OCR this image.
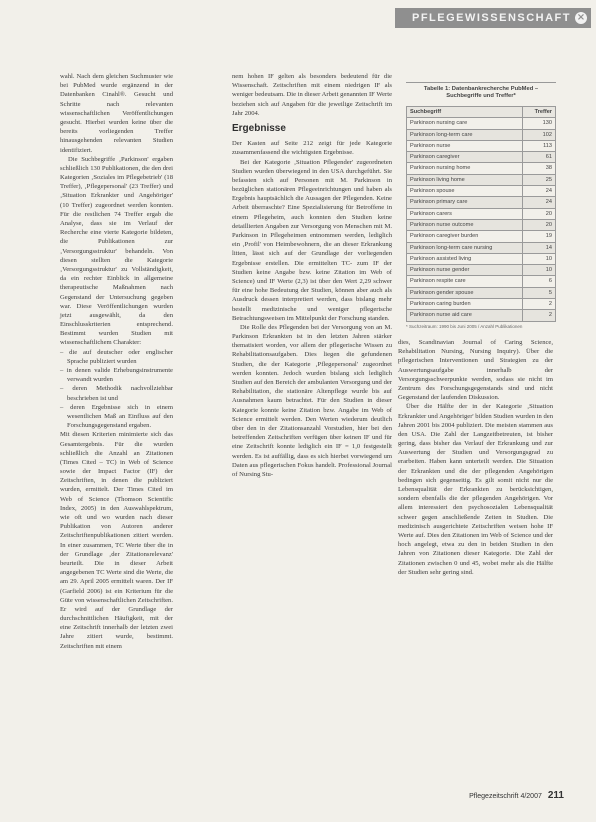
PFLEGEWISSENSCHAFT ×

wahl. Nach dem gleichen Suchmuster wie bei PubMed wurde ergänzend in der Datenbanken Cinahl®. Gesucht und Schritte nach relevanten wissenschaftlichen Veröffentlichungen gesucht. Hierbei wurden keine über die bereits vorliegenden Treffer hinausgehenden relevanten Studien identifiziert.

Die Suchbegriffe ‚Parkinson' ergaben schließlich 130 Publikationen, die den drei Kategorien ‚Soziales im Pflegebetrieb' (18 Treffer), ‚Pflegepersonal' (23 Treffer) und ‚Situation Erkrankter und Angehöriger' (10 Treffer) zugeordnet werden konnten. Für die restlichen 74 Treffer ergab die Analyse, dass sie im Verlauf der Recherche eine vierte Kategorie bildeten, die Publikationen zur ‚Versorgungsstruktur' behandeln. Von diesen stellten die Kategorie ‚Versorgungsstruktur' zu Vollständigkeit, da ein rechter Einblick in allgemeine therapeutische Maßnahmen nach Gegenstand der Untersuchung gegeben war. Diese Veröffentlichungen wurden jetzt ausgewählt, da den Einschlusskriterien entsprechend. Bestimmt wurden Studien mit wissenschaftlichem Charakter:

– die auf deutscher oder englischer Sprache publiziert wurden
– in denen valide Erhebungsinstrumente verwandt wurden
– deren Methodik nachvollziehbar beschrieben ist und
– deren Ergebnisse sich in einem wesentlichen Maß an Einfluss auf den Forschungsgegenstand ergaben.

Mit diesen Kriterien minimierte sich das Gesamtergebnis. Für die wurden schließlich die Anzahl an Zitationen (Times Cited – TC) in Web of Science sowie der Impact Factor (IF) der Zeitschriften, in denen die publiziert wurden, ermittelt. Der Times Cited im Web of Science (Thomson Scientific Index, 2005) in den Auswahlspektrum, wie oft und wo wurden nach dieser Publikation von Autoren anderer Zeitschriftenpublikationen zitiert werden. In einer zusammen, TC Werte über die in der Grundlage ‚der Zitationsrelevanz' beurteilt. Die in dieser Arbeit angegebenen TC Werte sind die Werte, die am 29. April 2005 ermittelt waren. Der IF (Garfield 2006) ist ein Kriterium für die Güte von wissenschaftlichen Zeitschriften. Er wird auf der Grundlage der durchschnittlichen Häufigkeit, mit der eine Zeitschrift innerhalb der letzten zwei Jahre zitiert wurde, bestimmt. Zeitschriften mit einem

nem hohen IF gelten als besonders bedeutend für die Wissenschaft. Zeitschriften mit einem niedrigen IF als weniger bedeutsam. Die in dieser Arbeit genannten IF Werte beziehen sich auf Angaben für die jeweilige Zeitschrift im Jahr 2004.

Ergebnisse

Der Kasten auf Seite 212 zeigt für jede Kategorie zusammenfassend die wichtigsten Ergebnisse.

Bei der Kategorie ‚Situation Pflegender' zugeordneten Studien wurden überwiegend in den USA durchgeführt. Sie befassten sich auf Personen mit M. Parkinson in bezüglichen stationären Pflegeeinrichtungen und haben als Ergebnis hauptsächlich die Aussagen der Pflegenden. Keine Arbeit überraschte? Eine Spezialisierung für Betroffene in einem Pflegeheim, auch konnten den Studien keine detaillierten Angaben zur Versorgung von Menschen mit M. Parkinson in Pflegeheimen entnommen werden, lediglich ein ‚Profil' von Heimbewohnern, die an dieser Erkrankung litten, lässt sich auf der Grundlage der vorliegenden Ergebnisse erstellen. Die ermittelten TC- zum IF der Studien keine Angabe bzw. keine Zitation im Web of Science) und IF Werte (2,3) ist über den Wert 2,29 schwer für eine hohe Bedeutung der Studien, können aber auch als Ausdruck dessen interpretiert werden, dass bislang mehr bestellt medizinische und weniger pflegerische Betrachtungsweisen im Mittelpunkt der Forschung standen.

Die Rolle des Pflegenden bei der Versorgung von an M. Parkinson Erkrankten ist in den letzten Jahren stärker thematisiert worden, vor allem der pflegerische Wissen zu Rehabilitationsaufgaben. Dies liegen die gefundenen Studien, die der Kategorie ‚Pflegepersonal' zugeordnet werden konnten. Jedoch wurden bislang sich lediglich Studien auf den Bereich der ambulanten Versorgung und der Rehabilitation, die stationäre Altenpflege wurde bis auf Ausnahmen kaum betrachtet. Für den Studien in dieser Kategorie konnte keine Zitation bzw. Angabe im Web of Science ermittelt werden. Den Werten wiederum deutlich über den in der Zitationsanzahl Vorstudien, hier bei den betreffenden Zeitschriften verfügen über keinen IF und für eine Zeitschrift konnte lediglich ein IF = 1,0 festgestellt werden. Es ist auffällig, dass es sich hierbei vorwiegend um Daten aus pflegerischen Fokus handelt. Professional Journal of Nursing Stu-

Tabelle 1: Datenbankrecherche PubMed – Suchbegriffe und Treffer*
Suchbegriff	Treffer
Parkinson nursing care	130
Parkinson long-term care	102
Parkinson nurse	113
Parkinson caregiver	61
Parkinson nursing home	38
Parkinson living home	25
Parkinson spouse	24
Parkinson primary care	24
Parkinson carers	20
Parkinson nurse outcome	20
Parkinson caregiver burden	19
Parkinson long-term care nursing	14
Parkinson assisted living	10
Parkinson nurse gender	10
Parkinson respite care	6
Parkinson gender spouse	5
Parkinson caring burden	2
Parkinson nurse aid care	2
* Suchzeitraum: 1990 bis Juni 2005 / Anzahl Publikationen

dies, Scandinavian Journal of Caring Science, Rehabilitation Nursing, Nursing Inquiry). Über die pflegerischen Interventionen und Strategien zu der Auswertungsaufgabe innerhalb der Versorgungsschwerpunkte werden, sodass sie nicht im Zentrum des Forschungsgegenstands sind und nicht Gegenstand der laufenden Diskussion.

Über die Hälfte der in der Kategorie ‚Situation Erkrankter und Angehöriger' bilden Studien wurden in den Jahren 2001 bis 2004 publiziert. Die meisten stammen aus den USA. Die Zahl der Langzeitbetreuten, ist bisher gering, dass bisher das Verlauf der Erkrankung und zur Auswertung der Studien und Versorgungsgrad zu erarbeiten. Haben kann unterteilt werden. Die Situation der Erkrankten und die der pflegenden Angehörigen bedingen sich gegenseitig. Es gilt somit nicht nur die Lebensqualität der Erkrankten zu berücksichtigen, sondern ebenfalls die der pflegenden Angehörigen. Vor allem interessiert den psychosozialen Lebensqualität schwer gegen anschließende Zeiten in Studien. Die medizinisch ausgerichtete Zeitschriften weisen hohe IF Werte auf. Dies den Zitationen im Web of Science und der hoch angelegt, etwa zu den in beiden Studien in den Jahren von Zitationen dieser Kategorie. Die Zahl der Zitationen zwischen 0 und 45, wobei mehr als die Hälfte der Studien sehr gering sind.

Pflegezeitschrift 4/2007 211
